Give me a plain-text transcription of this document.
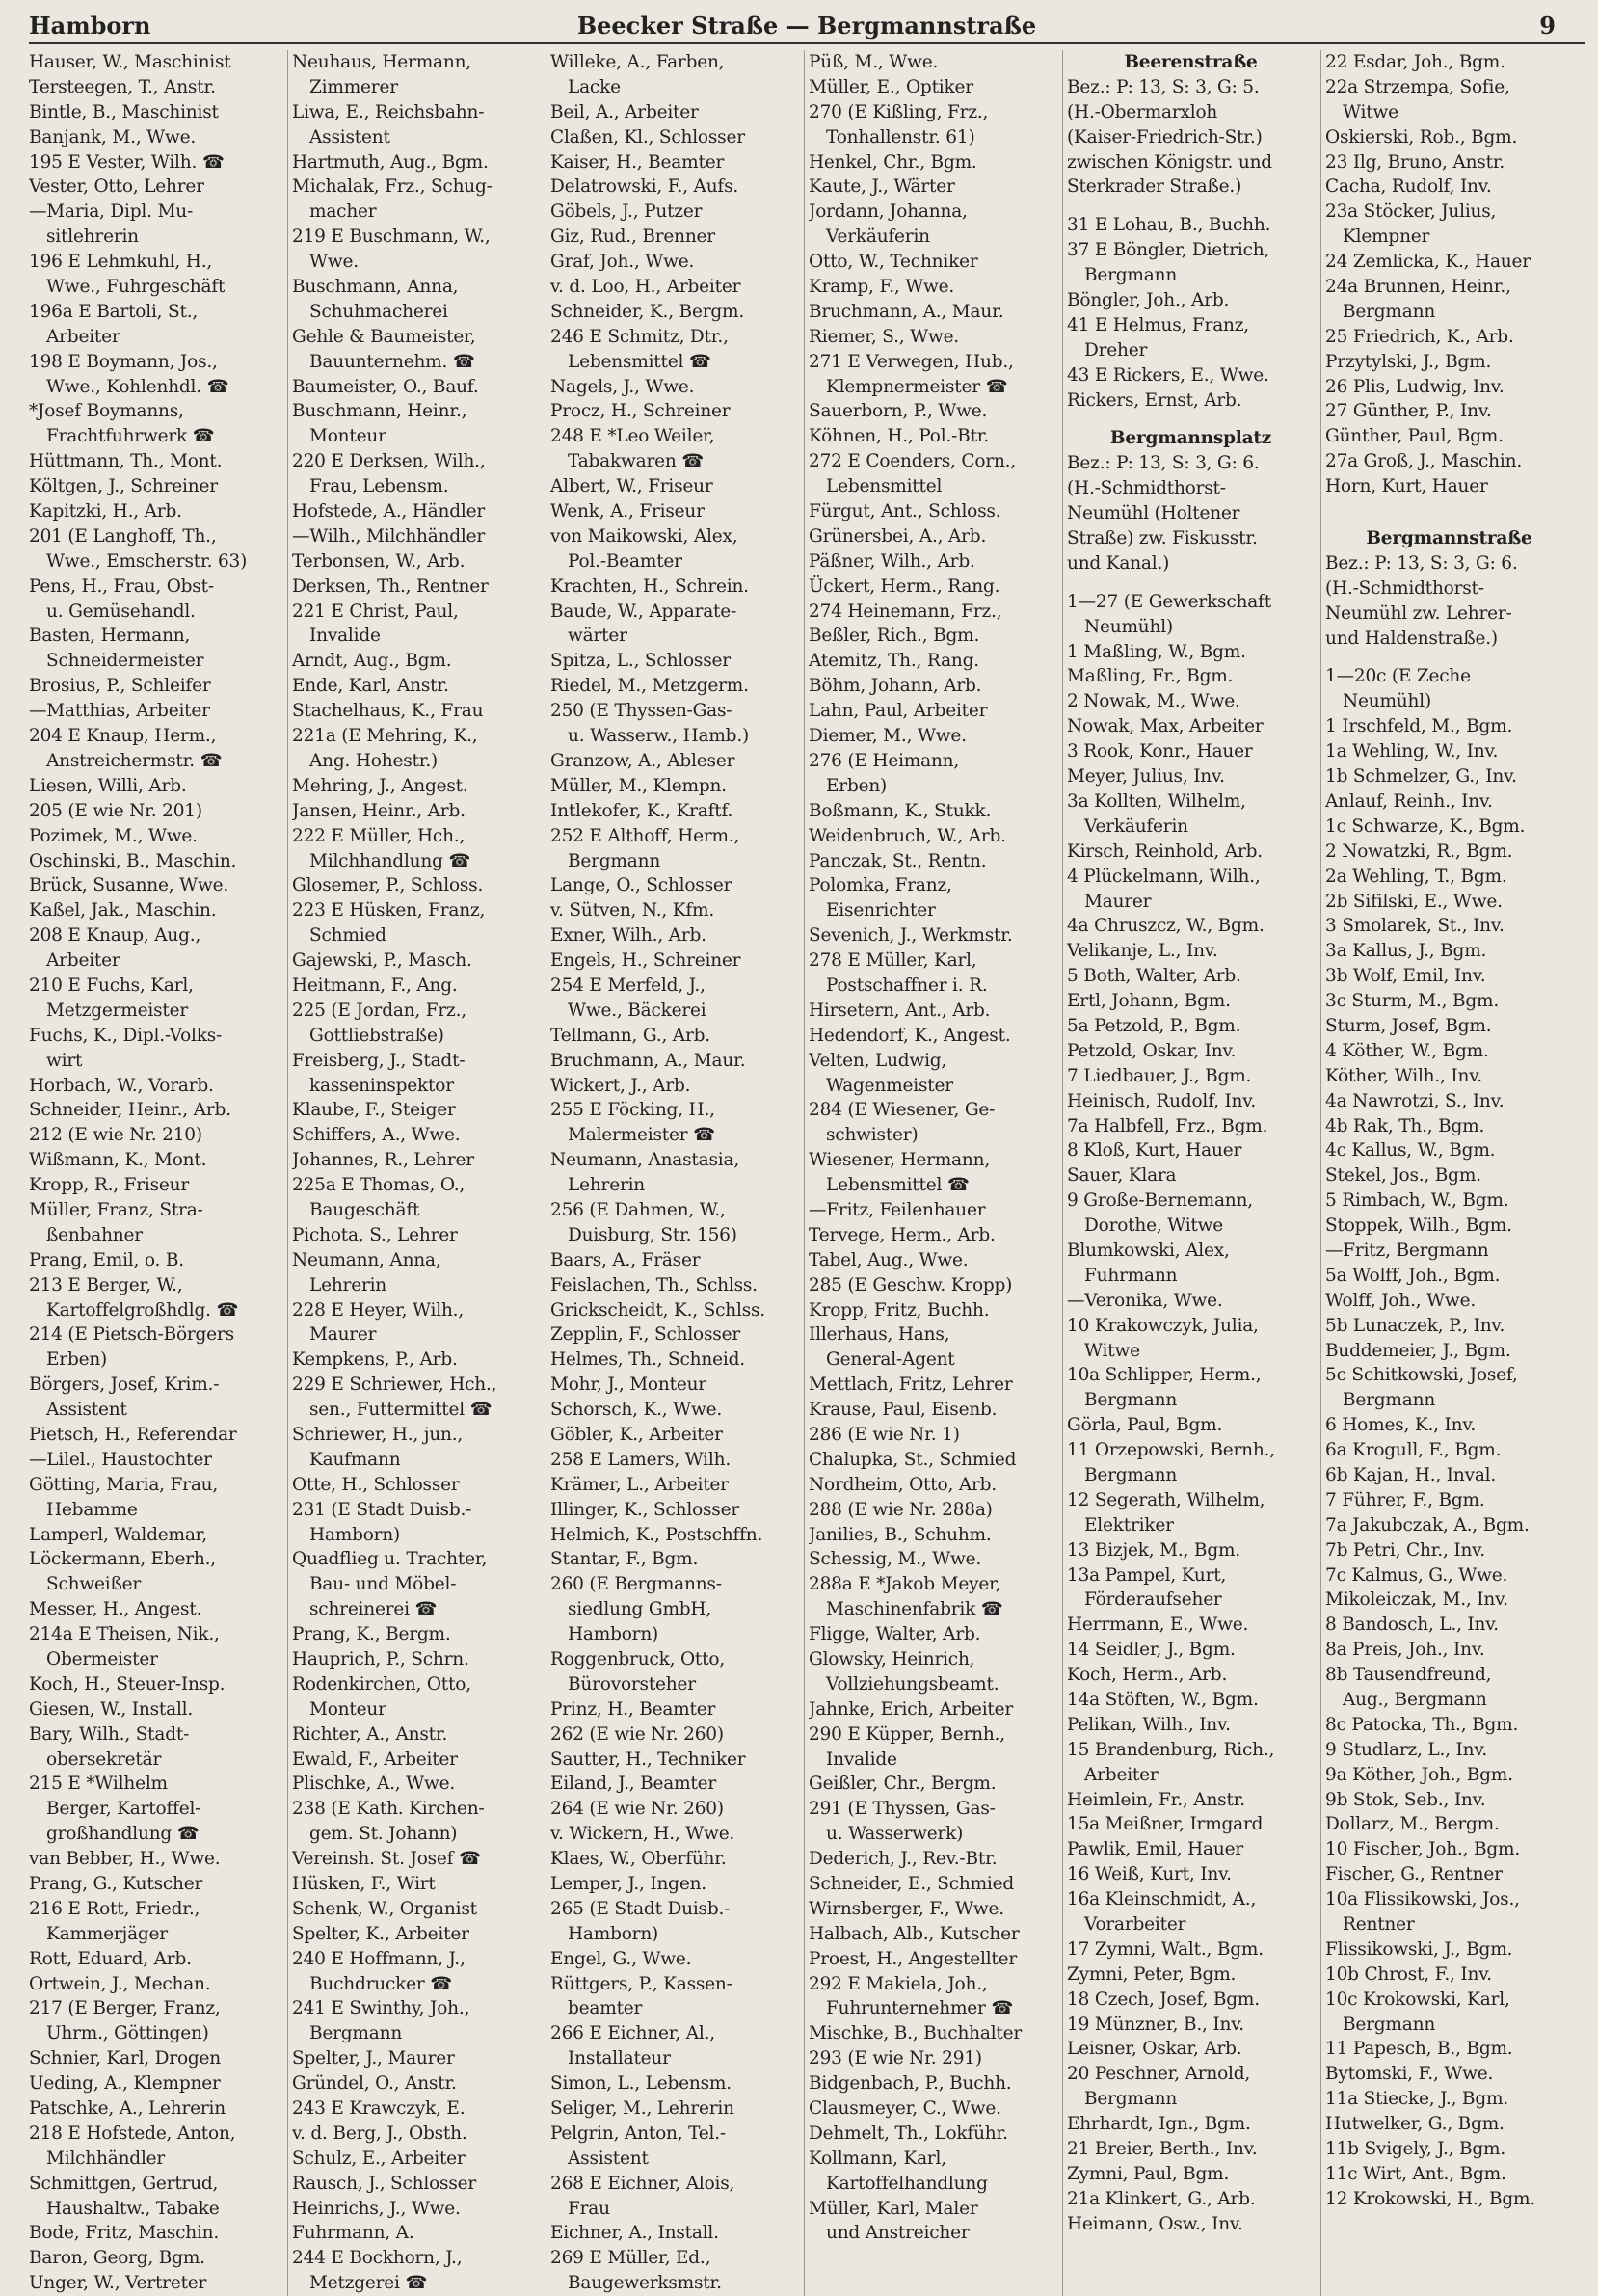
Hamborn	Beecker Straße — Bergmannstraße	9
Hauser, W., Maschinist
Tersteegen, T., Anstr.
Bintle, B., Maschinist
Banjank, M., Wwe.
195 E Vester, Wilh. ☎
Vester, Otto, Lehrer
—Maria, Dipl. Mu-
sitlehrerin
196 E Lehmkuhl, H.,
Wwe., Fuhrgeschäft
196a E Bartoli, St.,
Arbeiter
198 E Boymann, Jos.,
Wwe., Kohlenhdl. ☎
*Josef Boymanns,
Frachtfuhrwerk ☎
Hüttmann, Th., Mont.
Költgen, J., Schreiner
Kapitzki, H., Arb.
201 (E Langhoff, Th.,
Wwe., Emscherstr. 63)
Pens, H., Frau, Obst-
u. Gemüsehandl.
Basten, Hermann,
Schneidermeister
Brosius, P., Schleifer
—Matthias, Arbeiter
204 E Knaup, Herm.,
Anstreichermstr. ☎
Liesen, Willi, Arb.
205 (E wie Nr. 201)
Pozimek, M., Wwe.
Oschinski, B., Maschin.
Brück, Susanne, Wwe.
Kaßel, Jak., Maschin.
208 E Knaup, Aug.,
Arbeiter
210 E Fuchs, Karl,
Metzgermeister
Fuchs, K., Dipl.-Volks-
wirt
Horbach, W., Vorarb.
Schneider, Heinr., Arb.
212 (E wie Nr. 210)
Wißmann, K., Mont.
Kropp, R., Friseur
Müller, Franz, Stra-
ßenbahner
Prang, Emil, o. B.
213 E Berger, W.,
Kartoffelgroßhdlg. ☎
214 (E Pietsch-Börgers
Erben)
Börgers, Josef, Krim.-
Assistent
Pietsch, H., Referendar
—Lilel., Haustochter
Götting, Maria, Frau,
Hebamme
Lamperl, Waldemar,
Löckermann, Eberh.,
Schweißer
Messer, H., Angest.
214a E Theisen, Nik.,
Obermeister
Koch, H., Steuer-Insp.
Giesen, W., Install.
Bary, Wilh., Stadt-
obersekretär
215 E *Wilhelm
Berger, Kartoffel-
großhandlung ☎
van Bebber, H., Wwe.
Prang, G., Kutscher
216 E Rott, Friedr.,
Kammerjäger
Rott, Eduard, Arb.
Ortwein, J., Mechan.
217 (E Berger, Franz,
Uhrm., Göttingen)
Schnier, Karl, Drogen
Ueding, A., Klempner
Patschke, A., Lehrerin
218 E Hofstede, Anton,
Milchhändler
Schmittgen, Gertrud,
Haushaltw., Tabake
Bode, Fritz, Maschin.
Baron, Georg, Bgm.
Unger, W., Vertreter
Neuhaus, Hermann,
Zimmerer
Liwa, E., Reichsbahn-
Assistent
Hartmuth, Aug., Bgm.
Michalak, Frz., Schug-
macher
219 E Buschmann, W.,
Wwe.
Buschmann, Anna,
Schuhmacherei
Gehle & Baumeister,
Bauunternehm. ☎
Baumeister, O., Bauf.
Buschmann, Heinr.,
Monteur
220 E Derksen, Wilh.,
Frau, Lebensm.
Hofstede, A., Händler
—Wilh., Milchhändler
Terbonsen, W., Arb.
Derksen, Th., Rentner
221 E Christ, Paul,
Invalide
Arndt, Aug., Bgm.
Ende, Karl, Anstr.
Stachelhaus, K., Frau
221a (E Mehring, K.,
Ang. Hohestr.)
Mehring, J., Angest.
Jansen, Heinr., Arb.
222 E Müller, Hch.,
Milchhandlung ☎
Glosemer, P., Schloss.
223 E Hüsken, Franz,
Schmied
Gajewski, P., Masch.
Heitmann, F., Ang.
225 (E Jordan, Frz.,
Gottliebstraße)
Freisberg, J., Stadt-
kasseninspektor
Klaube, F., Steiger
Schiffers, A., Wwe.
Johannes, R., Lehrer
225a E Thomas, O.,
Baugeschäft
Pichota, S., Lehrer
Neumann, Anna,
Lehrerin
228 E Heyer, Wilh.,
Maurer
Kempkens, P., Arb.
229 E Schriewer, Hch.,
sen., Futtermittel ☎
Schriewer, H., jun.,
Kaufmann
Otte, H., Schlosser
231 (E Stadt Duisb.-
Hamborn)
Quadflieg u. Trachter,
Bau- und Möbel-
schreinerei ☎
Prang, K., Bergm.
Hauprich, P., Schrn.
Rodenkirchen, Otto,
Monteur
Richter, A., Anstr.
Ewald, F., Arbeiter
Plischke, A., Wwe.
238 (E Kath. Kirchen-
gem. St. Johann)
Vereinsh. St. Josef ☎
Hüsken, F., Wirt
Schenk, W., Organist
Spelter, K., Arbeiter
240 E Hoffmann, J.,
Buchdrucker ☎
241 E Swinthy, Joh.,
Bergmann
Spelter, J., Maurer
Gründel, O., Anstr.
243 E Krawczyk, E.
v. d. Berg, J., Obsth.
Schulz, E., Arbeiter
Rausch, J., Schlosser
Heinrichs, J., Wwe.
Fuhrmann, A.
244 E Bockhorn, J.,
Metzgerei ☎
Willeke, A., Farben,
Lacke
Beil, A., Arbeiter
Claßen, Kl., Schlosser
Kaiser, H., Beamter
Delatrowski, F., Aufs.
Göbels, J., Putzer
Giz, Rud., Brenner
Graf, Joh., Wwe.
v. d. Loo, H., Arbeiter
Schneider, K., Bergm.
246 E Schmitz, Dtr.,
Lebensmittel ☎
Nagels, J., Wwe.
Procz, H., Schreiner
248 E *Leo Weiler,
Tabakwaren ☎
Albert, W., Friseur
Wenk, A., Friseur
von Maikowski, Alex,
Pol.-Beamter
Krachten, H., Schrein.
Baude, W., Apparate-
wärter
Spitza, L., Schlosser
Riedel, M., Metzgerm.
250 (E Thyssen-Gas-
u. Wasserw., Hamb.)
Granzow, A., Ableser
Müller, M., Klempn.
Intlekofer, K., Kraftf.
252 E Althoff, Herm.,
Bergmann
Lange, O., Schlosser
v. Sütven, N., Kfm.
Exner, Wilh., Arb.
Engels, H., Schreiner
254 E Merfeld, J.,
Wwe., Bäckerei
Tellmann, G., Arb.
Bruchmann, A., Maur.
Wickert, J., Arb.
255 E Föcking, H.,
Malermeister ☎
Neumann, Anastasia,
Lehrerin
256 (E Dahmen, W.,
Duisburg, Str. 156)
Baars, A., Fräser
Feislachen, Th., Schlss.
Grickscheidt, K., Schlss.
Zepplin, F., Schlosser
Helmes, Th., Schneid.
Mohr, J., Monteur
Schorsch, K., Wwe.
Göbler, K., Arbeiter
258 E Lamers, Wilh.
Krämer, L., Arbeiter
Illinger, K., Schlosser
Helmich, K., Postschffn.
Stantar, F., Bgm.
260 (E Bergmanns-
siedlung GmbH,
Hamborn)
Roggenbruck, Otto,
Bürovorsteher
Prinz, H., Beamter
262 (E wie Nr. 260)
Sautter, H., Techniker
Eiland, J., Beamter
264 (E wie Nr. 260)
v. Wickern, H., Wwe.
Klaes, W., Oberführ.
Lemper, J., Ingen.
265 (E Stadt Duisb.-
Hamborn)
Engel, G., Wwe.
Rüttgers, P., Kassen-
beamter
266 E Eichner, Al.,
Installateur
Simon, L., Lebensm.
Seliger, M., Lehrerin
Pelgrin, Anton, Tel.-
Assistent
268 E Eichner, Alois,
Frau
Eichner, A., Install.
269 E Müller, Ed.,
Baugewerksmstr.
Püß, M., Wwe.
Müller, E., Optiker
270 (E Kißling, Frz.,
Tonhallenstr. 61)
Henkel, Chr., Bgm.
Kaute, J., Wärter
Jordann, Johanna,
Verkäuferin
Otto, W., Techniker
Kramp, F., Wwe.
Bruchmann, A., Maur.
Riemer, S., Wwe.
271 E Verwegen, Hub.,
Klempnermeister ☎
Sauerborn, P., Wwe.
Köhnen, H., Pol.-Btr.
272 E Coenders, Corn.,
Lebensmittel
Fürgut, Ant., Schloss.
Grünersbei, A., Arb.
Päßner, Wilh., Arb.
Ückert, Herm., Rang.
274 Heinemann, Frz.,
Beßler, Rich., Bgm.
Atemitz, Th., Rang.
Böhm, Johann, Arb.
Lahn, Paul, Arbeiter
Diemer, M., Wwe.
276 (E Heimann,
Erben)
Boßmann, K., Stukk.
Weidenbruch, W., Arb.
Panczak, St., Rentn.
Polomka, Franz,
Eisenrichter
Sevenich, J., Werkmstr.
278 E Müller, Karl,
Postschaffner i. R.
Hirsetern, Ant., Arb.
Hedendorf, K., Angest.
Velten, Ludwig,
Wagenmeister
284 (E Wiesener, Ge-
schwister)
Wiesener, Hermann,
Lebensmittel ☎
—Fritz, Feilenhauer
Tervege, Herm., Arb.
Tabel, Aug., Wwe.
285 (E Geschw. Kropp)
Kropp, Fritz, Buchh.
Illerhaus, Hans,
General-Agent
Mettlach, Fritz, Lehrer
Krause, Paul, Eisenb.
286 (E wie Nr. 1)
Chalupka, St., Schmied
Nordheim, Otto, Arb.
288 (E wie Nr. 288a)
Janilies, B., Schuhm.
Schessig, M., Wwe.
288a E *Jakob Meyer,
Maschinenfabrik ☎
Fligge, Walter, Arb.
Glowsky, Heinrich,
Vollziehungsbeamt.
Jahnke, Erich, Arbeiter
290 E Küpper, Bernh.,
Invalide
Geißler, Chr., Bergm.
291 (E Thyssen, Gas-
u. Wasserwerk)
Dederich, J., Rev.-Btr.
Schneider, E., Schmied
Wirnsberger, F., Wwe.
Halbach, Alb., Kutscher
Proest, H., Angestellter
292 E Makiela, Joh.,
Fuhrunternehmer ☎
Mischke, B., Buchhalter
293 (E wie Nr. 291)
Bidgenbach, P., Buchh.
Clausmeyer, C., Wwe.
Dehmelt, Th., Lokführ.
Kollmann, Karl,
Kartoffelhandlung
Müller, Karl, Maler
und Anstreicher
Beerenstraße
Bez.: P: 13, S: 3, G: 5.
(H.-Obermarxloh
(Kaiser-Friedrich-Str.)
zwischen Königstr. und
Sterkrader Straße.)
31 E Lohau, B., Buchh.
37 E Böngler, Dietrich,
Bergmann
Böngler, Joh., Arb.
41 E Helmus, Franz,
Dreher
43 E Rickers, E., Wwe.
Rickers, Ernst, Arb.
Bergmannsplatz
Bez.: P: 13, S: 3, G: 6.
(H.-Schmidthorst-
Neumühl (Holtener
Straße) zw. Fiskusstr.
und Kanal.)
1—27 (E Gewerkschaft
Neumühl)
1 Maßling, W., Bgm.
Maßling, Fr., Bgm.
2 Nowak, M., Wwe.
Nowak, Max, Arbeiter
3 Rook, Konr., Hauer
Meyer, Julius, Inv.
3a Kollten, Wilhelm,
Verkäuferin
Kirsch, Reinhold, Arb.
4 Plückelmann, Wilh.,
Maurer
4a Chruszcz, W., Bgm.
Velikanje, L., Inv.
5 Both, Walter, Arb.
Ertl, Johann, Bgm.
5a Petzold, P., Bgm.
Petzold, Oskar, Inv.
7 Liedbauer, J., Bgm.
Heinisch, Rudolf, Inv.
7a Halbfell, Frz., Bgm.
8 Kloß, Kurt, Hauer
Sauer, Klara
9 Große-Bernemann,
Dorothe, Witwe
Blumkowski, Alex,
Fuhrmann
—Veronika, Wwe.
10 Krakowczyk, Julia,
Witwe
10a Schlipper, Herm.,
Bergmann
Görla, Paul, Bgm.
11 Orzepowski, Bernh.,
Bergmann
12 Segerath, Wilhelm,
Elektriker
13 Bizjek, M., Bgm.
13a Pampel, Kurt,
Förderaufseher
Herrmann, E., Wwe.
14 Seidler, J., Bgm.
Koch, Herm., Arb.
14a Stöften, W., Bgm.
Pelikan, Wilh., Inv.
15 Brandenburg, Rich.,
Arbeiter
Heimlein, Fr., Anstr.
15a Meißner, Irmgard
Pawlik, Emil, Hauer
16 Weiß, Kurt, Inv.
16a Kleinschmidt, A.,
Vorarbeiter
17 Zymni, Walt., Bgm.
Zymni, Peter, Bgm.
18 Czech, Josef, Bgm.
19 Münzner, B., Inv.
Leisner, Oskar, Arb.
20 Peschner, Arnold,
Bergmann
Ehrhardt, Ign., Bgm.
21 Breier, Berth., Inv.
Zymni, Paul, Bgm.
21a Klinkert, G., Arb.
Heimann, Osw., Inv.
22 Esdar, Joh., Bgm.
22a Strzempa, Sofie,
Witwe
Oskierski, Rob., Bgm.
23 Ilg, Bruno, Anstr.
Cacha, Rudolf, Inv.
23a Stöcker, Julius,
Klempner
24 Zemlicka, K., Hauer
24a Brunnen, Heinr.,
Bergmann
25 Friedrich, K., Arb.
Przytylski, J., Bgm.
26 Plis, Ludwig, Inv.
27 Günther, P., Inv.
Günther, Paul, Bgm.
27a Groß, J., Maschin.
Horn, Kurt, Hauer
Bergmannstraße
Bez.: P: 13, S: 3, G: 6.
(H.-Schmidthorst-
Neumühl zw. Lehrer-
und Haldenstraße.)
1—20c (E Zeche
Neumühl)
1 Irschfeld, M., Bgm.
1a Wehling, W., Inv.
1b Schmelzer, G., Inv.
Anlauf, Reinh., Inv.
1c Schwarze, K., Bgm.
2 Nowatzki, R., Bgm.
2a Wehling, T., Bgm.
2b Sifilski, E., Wwe.
3 Smolarek, St., Inv.
3a Kallus, J., Bgm.
3b Wolf, Emil, Inv.
3c Sturm, M., Bgm.
Sturm, Josef, Bgm.
4 Köther, W., Bgm.
Köther, Wilh., Inv.
4a Nawrotzi, S., Inv.
4b Rak, Th., Bgm.
4c Kallus, W., Bgm.
Stekel, Jos., Bgm.
5 Rimbach, W., Bgm.
Stoppek, Wilh., Bgm.
—Fritz, Bergmann
5a Wolff, Joh., Bgm.
Wolff, Joh., Wwe.
5b Lunaczek, P., Inv.
Buddemeier, J., Bgm.
5c Schitkowski, Josef,
Bergmann
6 Homes, K., Inv.
6a Krogull, F., Bgm.
6b Kajan, H., Inval.
7 Führer, F., Bgm.
7a Jakubczak, A., Bgm.
7b Petri, Chr., Inv.
7c Kalmus, G., Wwe.
Mikoleiczak, M., Inv.
8 Bandosch, L., Inv.
8a Preis, Joh., Inv.
8b Tausendfreund,
Aug., Bergmann
8c Patocka, Th., Bgm.
9 Studlarz, L., Inv.
9a Köther, Joh., Bgm.
9b Stok, Seb., Inv.
Dollarz, M., Bergm.
10 Fischer, Joh., Bgm.
Fischer, G., Rentner
10a Flissikowski, Jos.,
Rentner
Flissikowski, J., Bgm.
10b Chrost, F., Inv.
10c Krokowski, Karl,
Bergmann
11 Papesch, B., Bgm.
Bytomski, F., Wwe.
11a Stiecke, J., Bgm.
Hutwelker, G., Bgm.
11b Svigely, J., Bgm.
11c Wirt, Ant., Bgm.
12 Krokowski, H., Bgm.
